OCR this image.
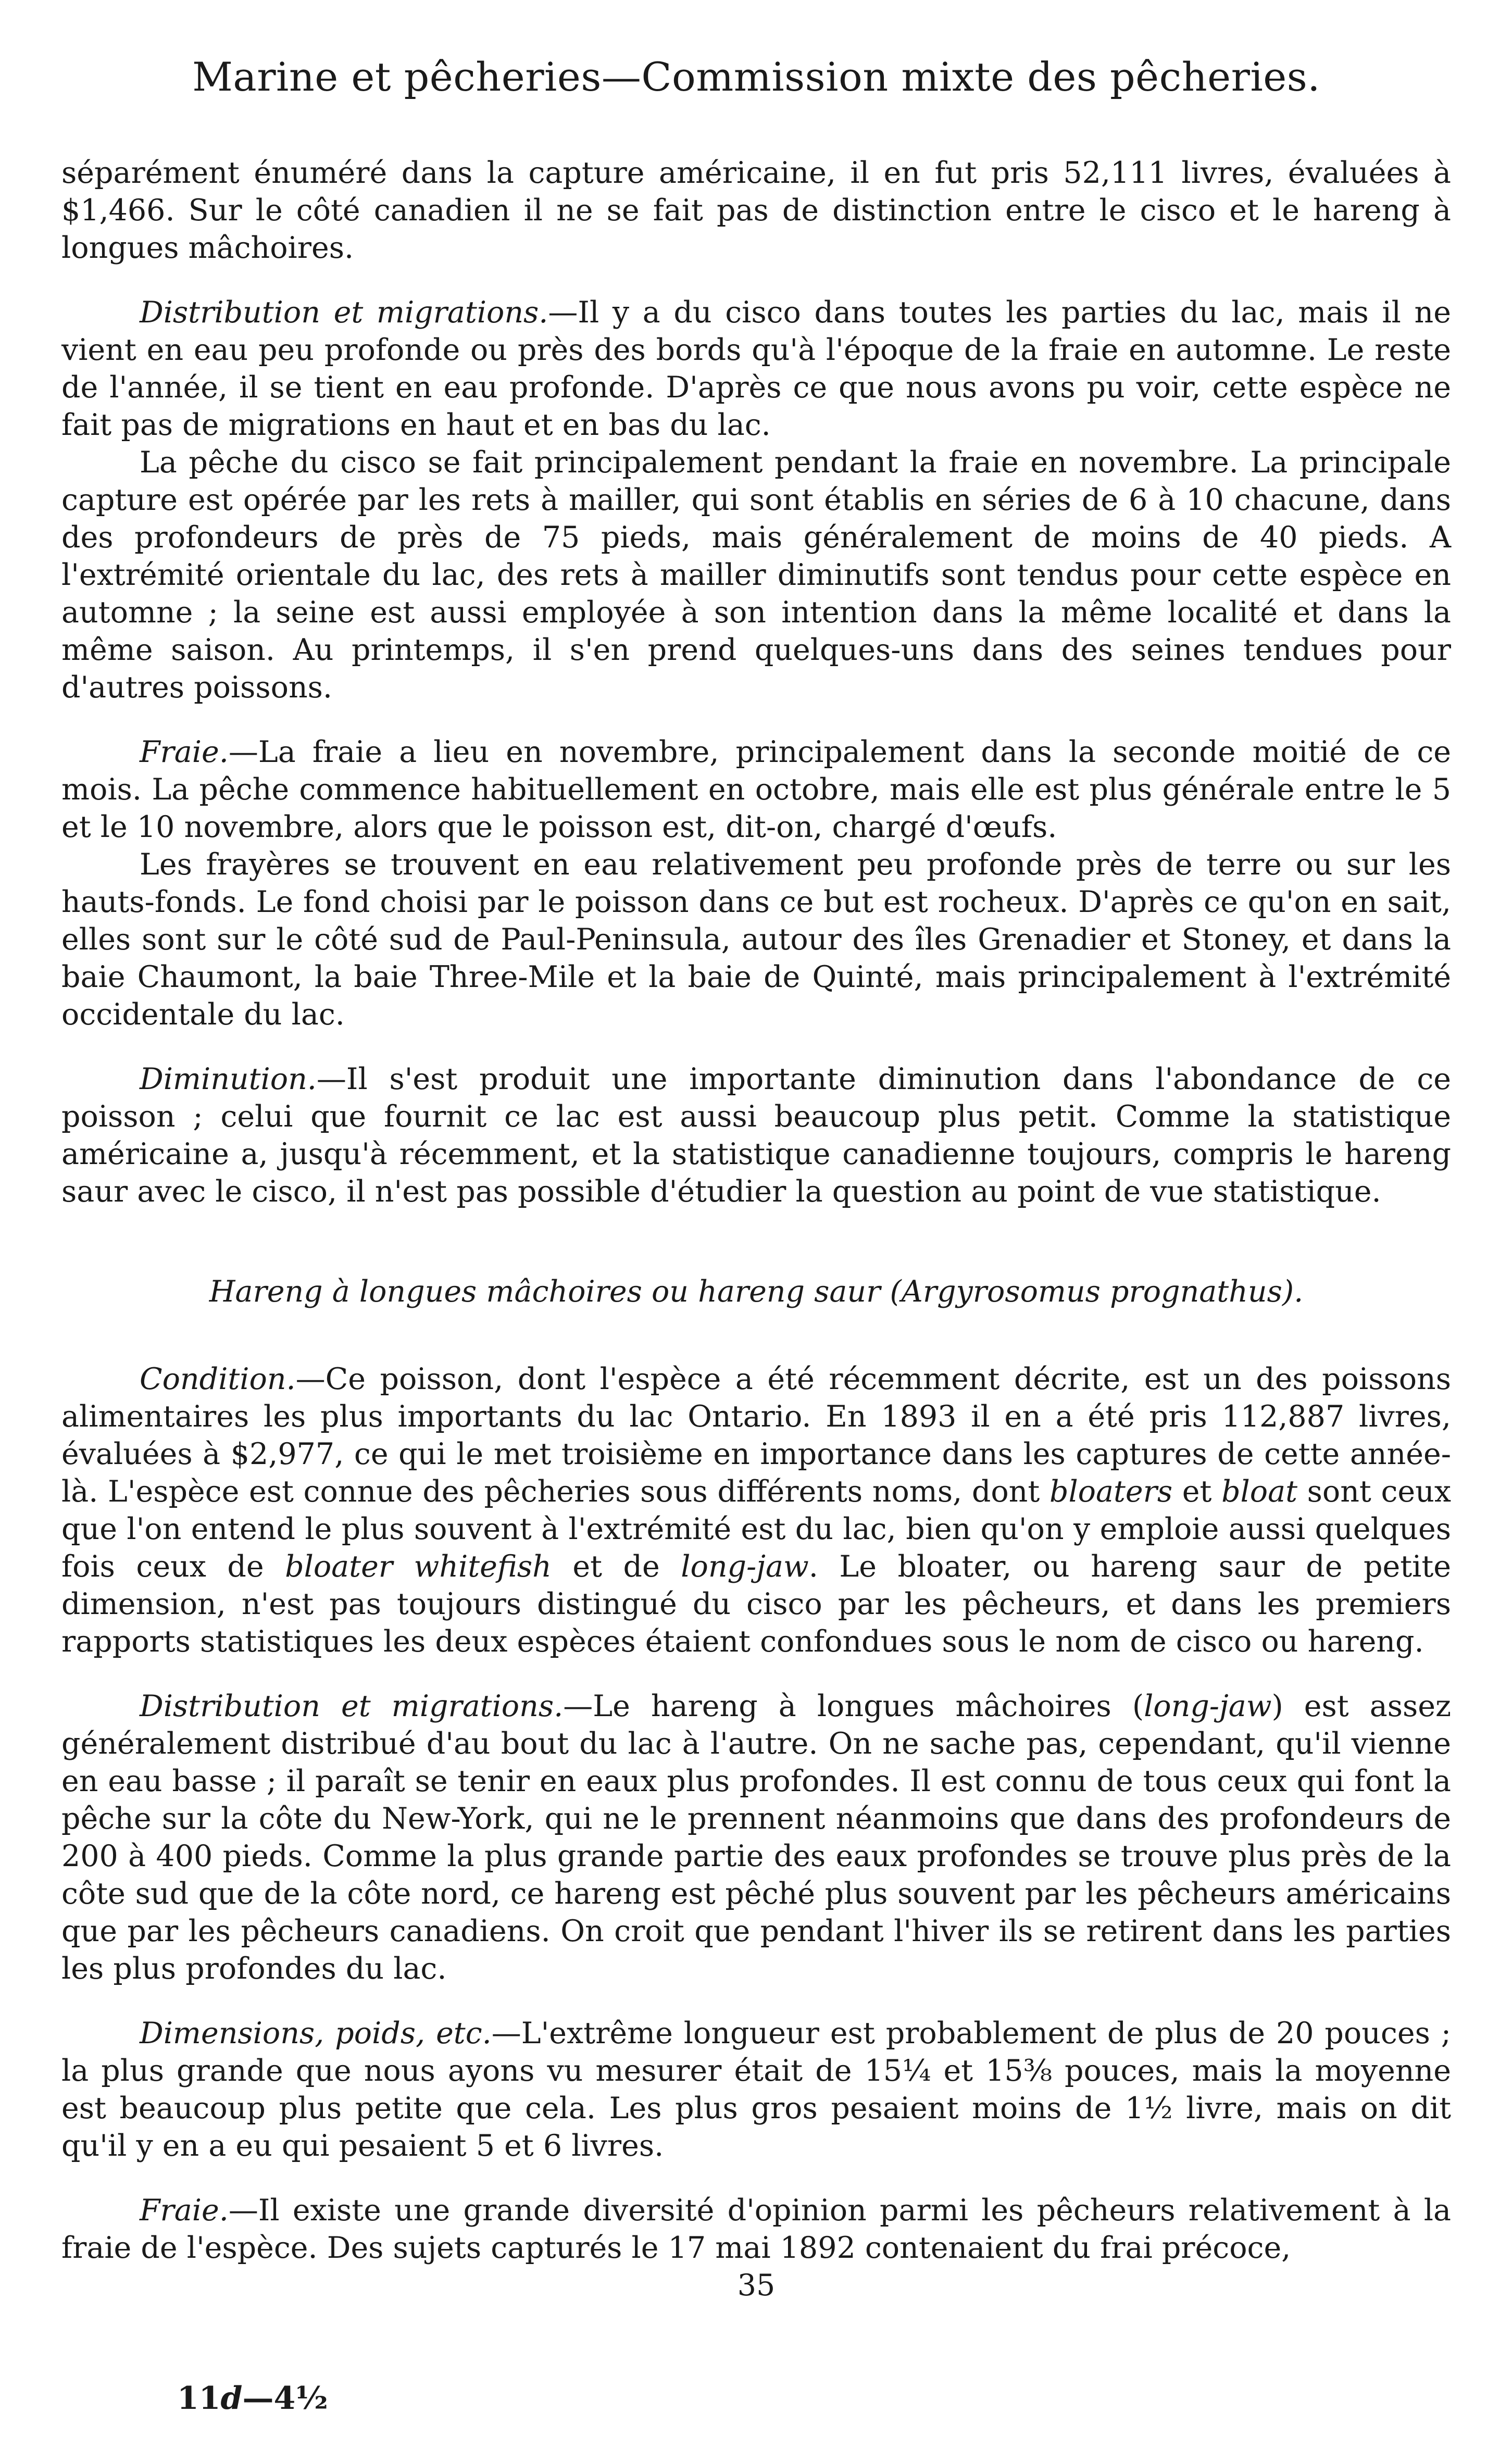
Marine et pêcheries—Commission mixte des pêcheries.

séparément énuméré dans la capture américaine, il en fut pris 52,111 livres, évaluées à $1,466. Sur le côté canadien il ne se fait pas de distinction entre le cisco et le hareng à longues mâchoires.

Distribution et migrations.—Il y a du cisco dans toutes les parties du lac, mais il ne vient en eau peu profonde ou près des bords qu'à l'époque de la fraie en automne. Le reste de l'année, il se tient en eau profonde. D'après ce que nous avons pu voir, cette espèce ne fait pas de migrations en haut et en bas du lac.

La pêche du cisco se fait principalement pendant la fraie en novembre. La principale capture est opérée par les rets à mailler, qui sont établis en séries de 6 à 10 chacune, dans des profondeurs de près de 75 pieds, mais généralement de moins de 40 pieds. A l'extrémité orientale du lac, des rets à mailler diminutifs sont tendus pour cette espèce en automne ; la seine est aussi employée à son intention dans la même localité et dans la même saison. Au printemps, il s'en prend quelques-uns dans des seines tendues pour d'autres poissons.

Fraie.—La fraie a lieu en novembre, principalement dans la seconde moitié de ce mois. La pêche commence habituellement en octobre, mais elle est plus générale entre le 5 et le 10 novembre, alors que le poisson est, dit-on, chargé d'œufs.

Les frayères se trouvent en eau relativement peu profonde près de terre ou sur les hauts-fonds. Le fond choisi par le poisson dans ce but est rocheux. D'après ce qu'on en sait, elles sont sur le côté sud de Paul-Peninsula, autour des îles Grenadier et Stoney, et dans la baie Chaumont, la baie Three-Mile et la baie de Quinté, mais principalement à l'extrémité occidentale du lac.

Diminution.—Il s'est produit une importante diminution dans l'abondance de ce poisson ; celui que fournit ce lac est aussi beaucoup plus petit. Comme la statistique américaine a, jusqu'à récemment, et la statistique canadienne toujours, compris le hareng saur avec le cisco, il n'est pas possible d'étudier la question au point de vue statistique.

Hareng à longues mâchoires ou hareng saur (Argyrosomus prognathus).

Condition.—Ce poisson, dont l'espèce a été récemment décrite, est un des poissons alimentaires les plus importants du lac Ontario. En 1893 il en a été pris 112,887 livres, évaluées à $2,977, ce qui le met troisième en importance dans les captures de cette année-là. L'espèce est connue des pêcheries sous différents noms, dont bloaters et bloat sont ceux que l'on entend le plus souvent à l'extrémité est du lac, bien qu'on y emploie aussi quelques fois ceux de bloater whitefish et de long-jaw. Le bloater, ou hareng saur de petite dimension, n'est pas toujours distingué du cisco par les pêcheurs, et dans les premiers rapports statistiques les deux espèces étaient confondues sous le nom de cisco ou hareng.

Distribution et migrations.—Le hareng à longues mâchoires (long-jaw) est assez généralement distribué d'au bout du lac à l'autre. On ne sache pas, cependant, qu'il vienne en eau basse ; il paraît se tenir en eaux plus profondes. Il est connu de tous ceux qui font la pêche sur la côte du New-York, qui ne le prennent néanmoins que dans des profondeurs de 200 à 400 pieds. Comme la plus grande partie des eaux profondes se trouve plus près de la côte sud que de la côte nord, ce hareng est pêché plus souvent par les pêcheurs américains que par les pêcheurs canadiens. On croit que pendant l'hiver ils se retirent dans les parties les plus profondes du lac.

Dimensions, poids, etc.—L'extrême longueur est probablement de plus de 20 pouces ; la plus grande que nous ayons vu mesurer était de 15¼ et 15⅜ pouces, mais la moyenne est beaucoup plus petite que cela. Les plus gros pesaient moins de 1½ livre, mais on dit qu'il y en a eu qui pesaient 5 et 6 livres.

Fraie.—Il existe une grande diversité d'opinion parmi les pêcheurs relativement à la fraie de l'espèce. Des sujets capturés le 17 mai 1892 contenaient du frai précoce,

35
11d—4½
